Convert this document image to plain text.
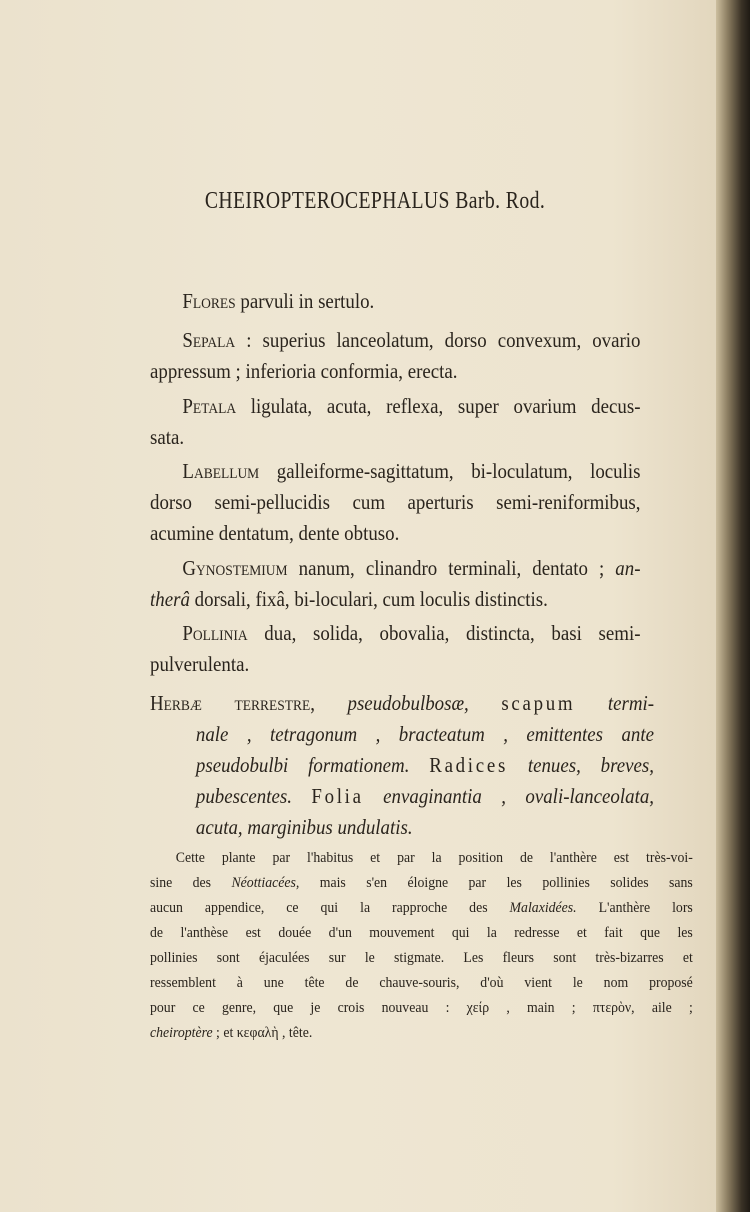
CHEIROPTEROCEPHALUS Barb. Rod.
Flores parvuli in sertulo.
Sepala : superius lanceolatum, dorso convexum, ovario
appressum ; inferioria conformia, erecta.
Petala ligulata, acuta, reflexa, super ovarium decus-
sata.
Labellum galleiforme-sagittatum, bi-loculatum, loculis
dorso semi-pellucidis cum aperturis semi-reniformibus,
acumine dentatum, dente obtuso.
Gynostemium nanum, clinandro terminali, dentato ; an-
therâ dorsali, fixâ, bi-loculari, cum loculis distinctis.
Pollinia dua, solida, obovalia, distincta, basi semi-
pulverulenta.
Herbæ terrestre, pseudobulbosæ, scapum termi-
nale , tetragonum , bracteatum , emittentes ante
pseudobulbi formationem. Radices tenues, breves,
pubescentes. Folia envaginantia , ovali-lanceolata,
acuta, marginibus undulatis.
Cette plante par l'habitus et par la position de l'anthère est très-voi-
sine des Néottiacées, mais s'en éloigne par les pollinies solides sans
aucun appendice, ce qui la rapproche des Malaxidées. L'anthère lors
de l'anthèse est douée d'un mouvement qui la redresse et fait que les
pollinies sont éjaculées sur le stigmate. Les fleurs sont très-bizarres et
ressemblent à une tête de chauve-souris, d'où vient le nom proposé
pour ce genre, que je crois nouveau : χείρ , main ; πτερὸν, aile ;
cheiroptère ; et κεφαλὴ , tête.
